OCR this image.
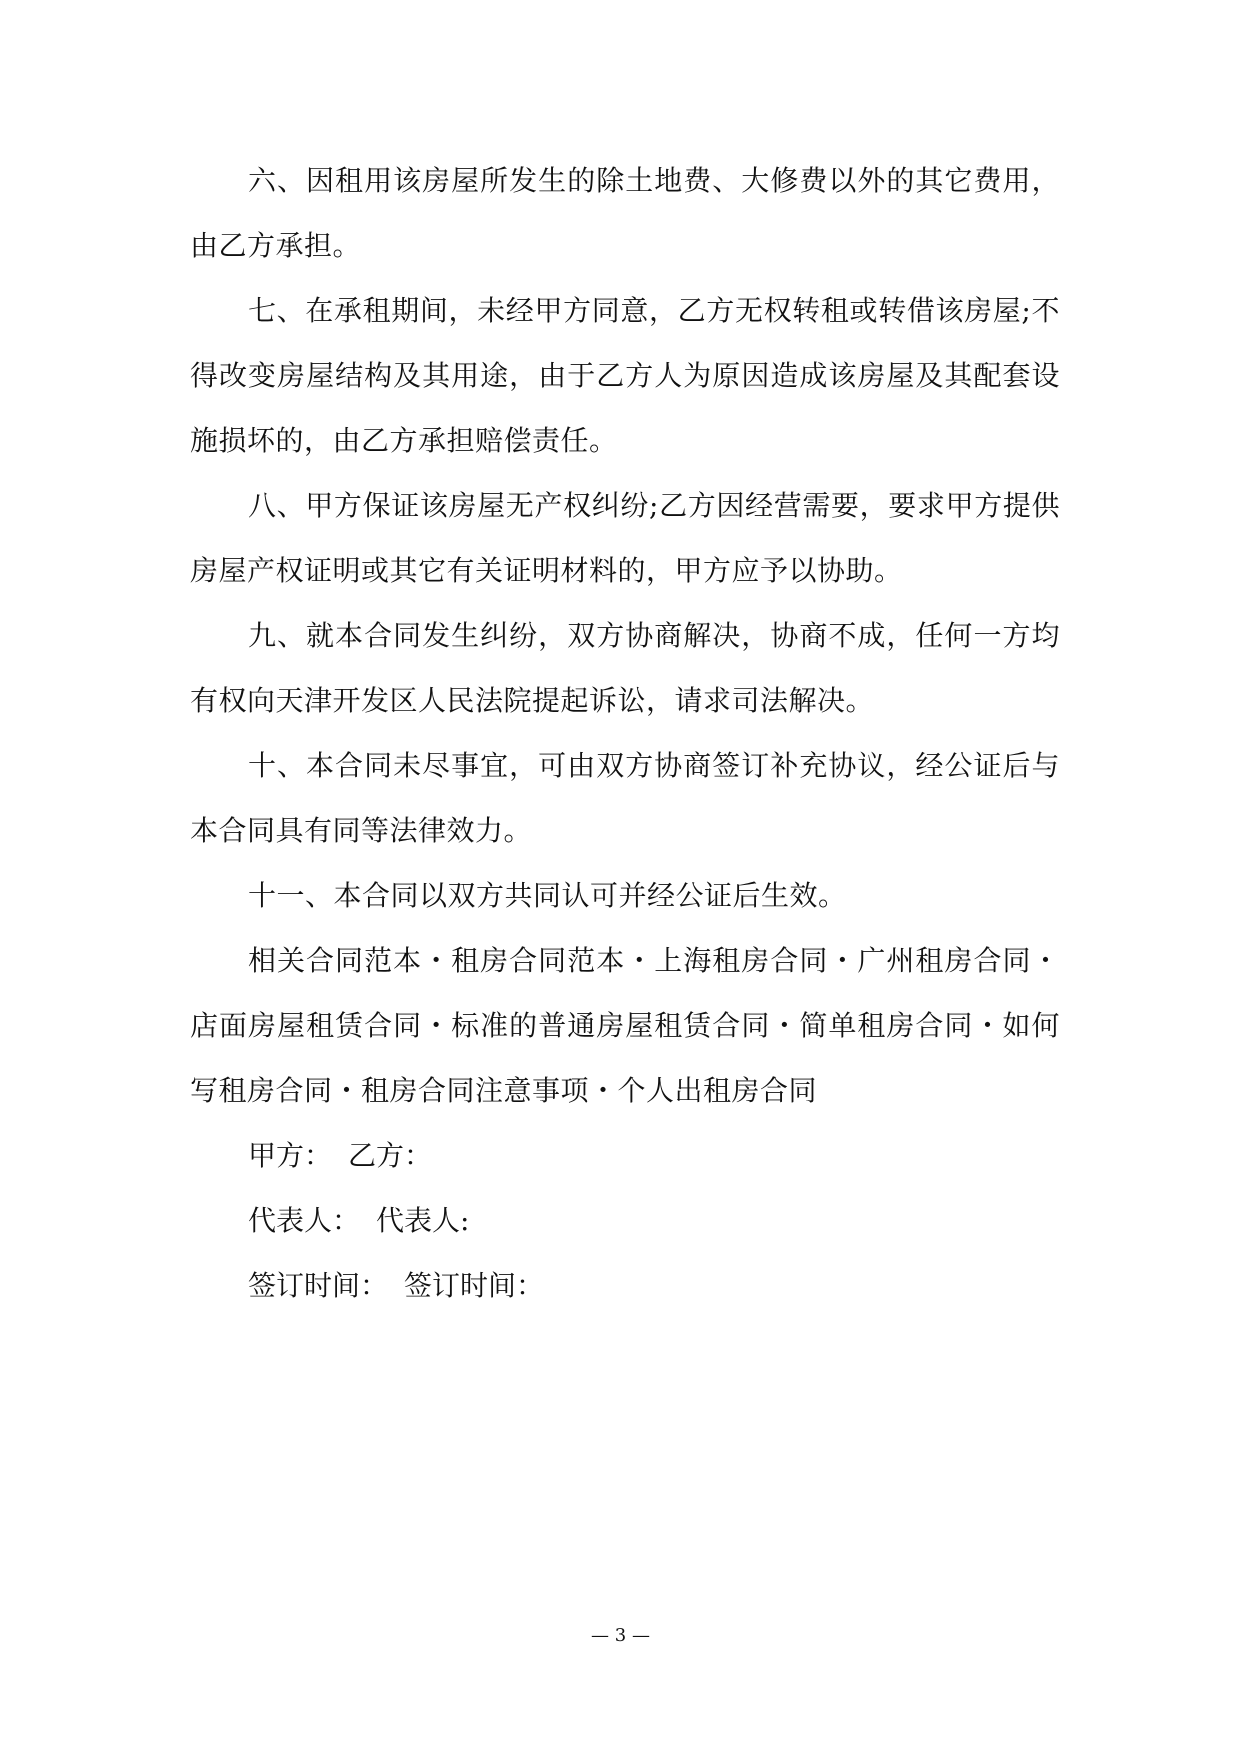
六、因租用该房屋所发生的除土地费、大修费以外的其它费用，由乙方承担。

七、在承租期间，未经甲方同意，乙方无权转租或转借该房屋;不得改变房屋结构及其用途，由于乙方人为原因造成该房屋及其配套设施损坏的，由乙方承担赔偿责任。

八、甲方保证该房屋无产权纠纷;乙方因经营需要，要求甲方提供房屋产权证明或其它有关证明材料的，甲方应予以协助。

九、就本合同发生纠纷，双方协商解决，协商不成，任何一方均有权向天津开发区人民法院提起诉讼，请求司法解决。

十、本合同未尽事宜，可由双方协商签订补充协议，经公证后与本合同具有同等法律效力。

十一、本合同以双方共同认可并经公证后生效。

相关合同范本・租房合同范本・上海租房合同・广州租房合同・店面房屋租赁合同・标准的普通房屋租赁合同・简单租房合同・如何写租房合同・租房合同注意事项・个人出租房合同

甲方： 乙方：

代表人： 代表人:

签订时间： 签订时间：

— 3 —
